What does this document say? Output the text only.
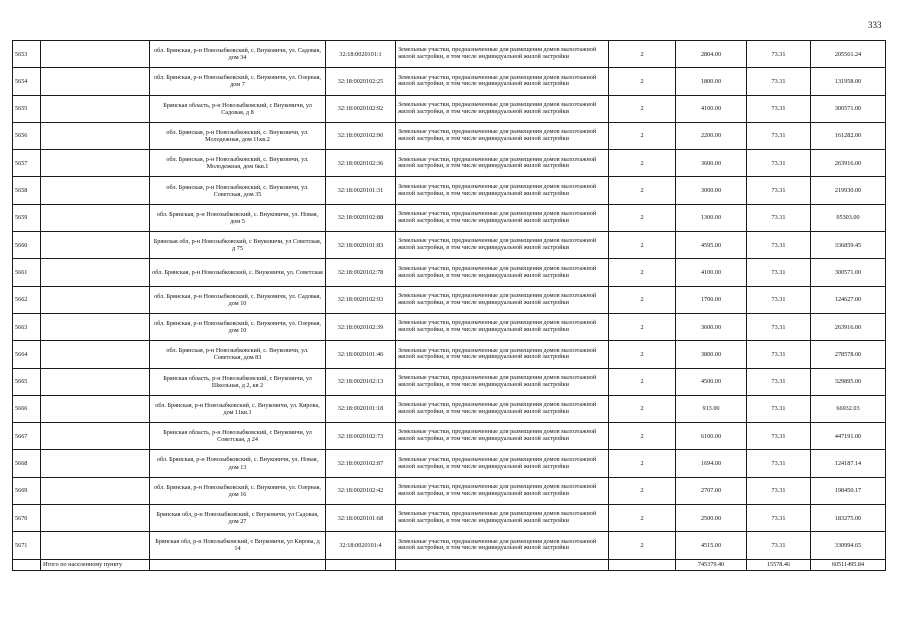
333
5653		обл. Брянская, р-н Новозыбковский, с. Внуковичи, ул. Садовая, дом 34	32:18:0020101:1	Земельные участки, предназначенные для размещения домов малоэтажной жилой застройки, в том числе индивидуальной жилой застройки	2	2804.00	73.31	205561.24
5654		обл. Брянская, р-н Новозыбковский, с. Внуковичи, ул. Озерная, дом 7	32:18:0020102:25	Земельные участки, предназначенные для размещения домов малоэтажной жилой застройки, в том числе индивидуальной жилой застройки	2	1800.00	73.31	131958.00
5655		Брянская область, р-н Новозыбковский, с Внуковичи, ул Садовая, д 8	32:18:0020102:92	Земельные участки, предназначенные для размещения домов малоэтажной жилой застройки, в том числе индивидуальной жилой застройки	2	4100.00	73.31	300571.00
5656		обл. Брянская, р-н Новозыбковский, с. Внуковичи, ул. Молодежная, дом 11кв.2	32:18:0020102:90	Земельные участки, предназначенные для размещения домов малоэтажной жилой застройки, в том числе индивидуальной жилой застройки	2	2200.00	73.31	161282.00
5657		обл. Брянская, р-н Новозыбковский, с. Внуковичи, ул. Молодежная, дом 6кв.1	32:18:0020102:36	Земельные участки, предназначенные для размещения домов малоэтажной жилой застройки, в том числе индивидуальной жилой застройки	2	3600.00	73.31	263916.00
5658		обл. Брянская, р-н Новозыбковский, с. Внуковичи, ул. Советская, дом 35	32:18:0020101:31	Земельные участки, предназначенные для размещения домов малоэтажной жилой застройки, в том числе индивидуальной жилой застройки	2	3000.00	73.31	219930.00
5659		обл. Брянская, р-н Новозыбковский, с. Внуковичи, ул. Новая, дом 5	32:18:0020102:88	Земельные участки, предназначенные для размещения домов малоэтажной жилой застройки, в том числе индивидуальной жилой застройки	2	1300.00	73.31	95303.00
5660		Брянская обл, р-н Новозыбковский, с Внуковичи, ул Советская, д 75	32:18:0020101:83	Земельные участки, предназначенные для размещения домов малоэтажной жилой застройки, в том числе индивидуальной жилой застройки	2	4595.00	73.31	336859.45
5661		обл. Брянская, р-н Новозыбковский, с. Внуковичи, ул. Советская	32:18:0020102:78	Земельные участки, предназначенные для размещения домов малоэтажной жилой застройки, в том числе индивидуальной жилой застройки	2	4100.00	73.31	300571.00
5662		обл. Брянская, р-н Новозыбковский, с. Внуковичи, ул. Садовая, дом 10	32:18:0020102:93	Земельные участки, предназначенные для размещения домов малоэтажной жилой застройки, в том числе индивидуальной жилой застройки	2	1700.00	73.31	124627.00
5663		обл. Брянская, р-н Новозыбковский, с. Внуковичи, ул. Озерная, дом 10	32:18:0020102:39	Земельные участки, предназначенные для размещения домов малоэтажной жилой застройки, в том числе индивидуальной жилой застройки	2	3600.00	73.31	263916.00
5664		обл. Брянская, р-н Новозыбковский, с. Внуковичи, ул. Советская, дом 83	32:18:0020101:46	Земельные участки, предназначенные для размещения домов малоэтажной жилой застройки, в том числе индивидуальной жилой застройки	2	3800.00	73.31	278578.00
5665		Брянская область, р-н Новозыбковский, с Внуковичи, ул Школьная, д 2, кв 2	32:18:0020102:13	Земельные участки, предназначенные для размещения домов малоэтажной жилой застройки, в том числе индивидуальной жилой застройки	2	4500.00	73.31	329895.00
5666		обл. Брянская, р-н Новозыбковский, с. Внуковичи, ул. Кирова, дом 11кв.1	32:18:0020101:18	Земельные участки, предназначенные для размещения домов малоэтажной жилой застройки, в том числе индивидуальной жилой застройки	2	913.00	73.31	66932.03
5667		Брянская область, р-н Новозыбковский, с Внуковичи, ул Советская, д 24	32:18:0020102:73	Земельные участки, предназначенные для размещения домов малоэтажной жилой застройки, в том числе индивидуальной жилой застройки	2	6100.00	73.31	447191.00
5668		обл. Брянская, р-н Новозыбковский, с. Внуковичи, ул. Новая, дом 13	32:18:0020102:87	Земельные участки, предназначенные для размещения домов малоэтажной жилой застройки, в том числе индивидуальной жилой застройки	2	1694.00	73.31	124187.14
5669		обл. Брянская, р-н Новозыбковский, с. Внуковичи, ул. Озерная, дом 16	32:18:0020102:42	Земельные участки, предназначенные для размещения домов малоэтажной жилой застройки, в том числе индивидуальной жилой застройки	2	2707.00	73.31	198450.17
5670		Брянская обл, р-н Новозыбковский, с Внуковичи, ул Садовая, дом 27	32:18:0020101:68	Земельные участки, предназначенные для размещения домов малоэтажной жилой застройки, в том числе индивидуальной жилой застройки	2	2500.00	73.31	183275.00
5671		Брянская обл, р-н Новозыбковский, с Внуковичи, ул Кирова, д 14	32:18:0020101:4	Земельные участки, предназначенные для размещения домов малоэтажной жилой застройки, в том числе индивидуальной жилой застройки	2	4515.00	73.31	330994.65
	Итого по населенному пункту					745379.40	15578.46	60511495.84
